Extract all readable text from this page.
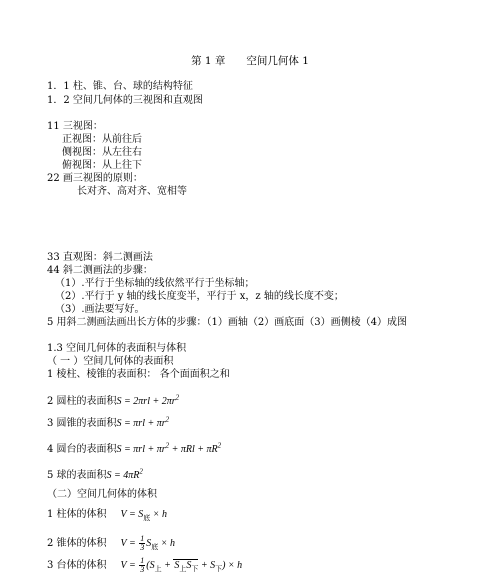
第 1 章　　空间几何体 1
1．1 柱、锥、台、球的结构特征
1．2 空间几何体的三视图和直观图
11 三视图：
正视图：从前往后
侧视图：从左往右
俯视图：从上往下
22 画三视图的原则：
长对齐、高对齐、宽相等
33 直观图：斜二测画法
44 斜二测画法的步骤：
（1）.平行于坐标轴的线依然平行于坐标轴；
（2）.平行于 y 轴的线长度变半，平行于 x，z 轴的线长度不变；
（3）.画法要写好。
5 用斜二测画法画出长方体的步骤：（1）画轴（2）画底面（3）画侧棱（4）成图
1.3 空间几何体的表面积与体积
（ 一 ）空间几何体的表面积
1 棱柱、棱锥的表面积： 各个面面积之和
2 圆柱的表面积$S = 2\pi rl + 2\pi r^2$
3 圆锥的表面积$S = \pi rl + \pi r^2$
4 圆台的表面积$S = \pi rl + \pi r^2 + \pi Rl + \pi R^2$
5 球的表面积$S = 4\pi R^2$
（二）空间几何体的体积
1 柱体的体积 $V = S_底 \times h$
2 锥体的体积 $V = \frac{1}{3} S_底 \times h$
3 台体的体积 $V = \frac{1}{3} (S_上 + S_上S_下 + S_下) \times h$
